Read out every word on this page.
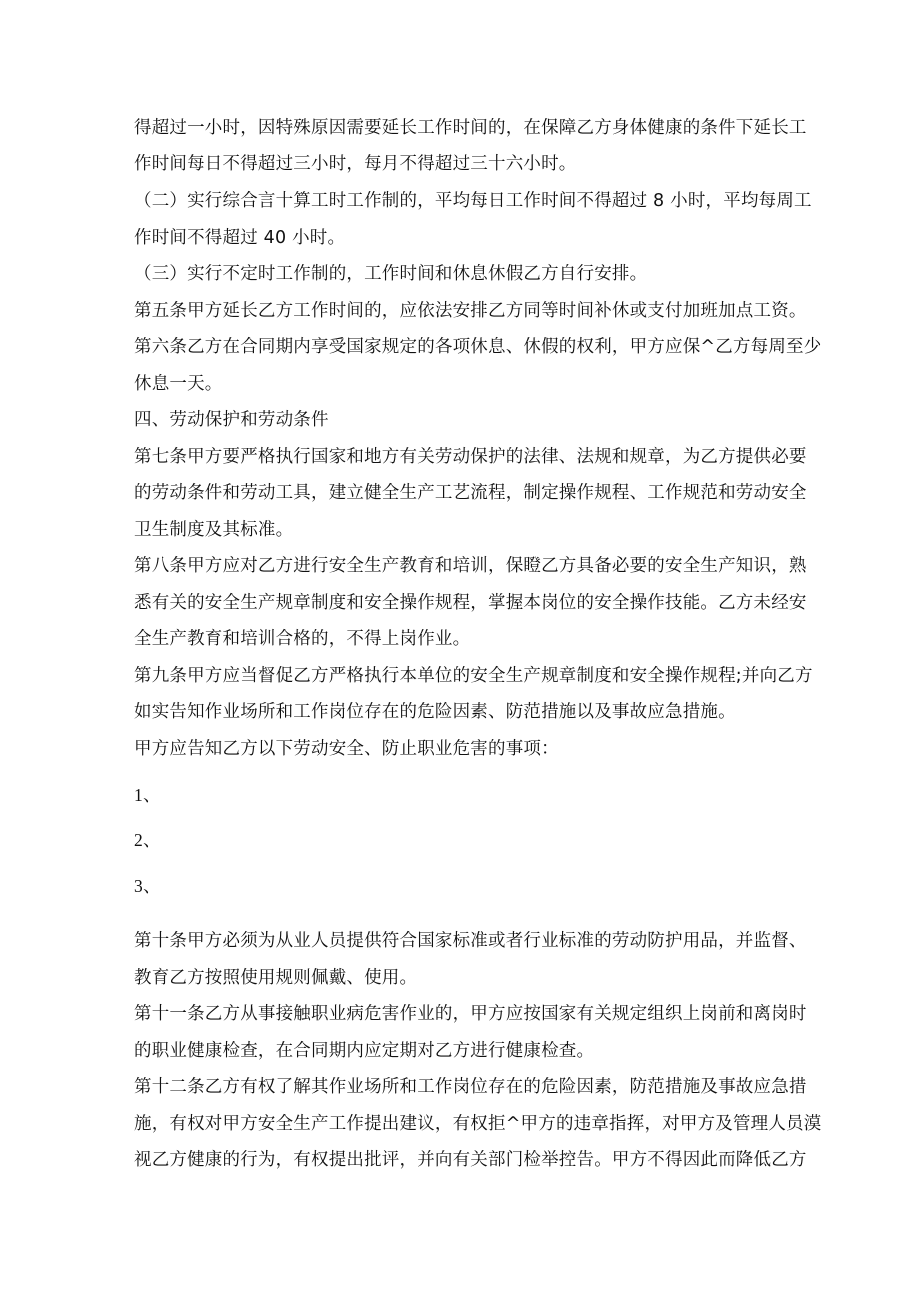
得超过一小时，因特殊原因需要延长工作时间的，在保障乙方身体健康的条件下延长工
作时间每日不得超过三小时，每月不得超过三十六小时。
（二）实行综合言十算工时工作制的，平均每日工作时间不得超过 8 小时，平均每周工
作时间不得超过 40 小时。
（三）实行不定时工作制的，工作时间和休息休假乙方自行安排。
第五条甲方延长乙方工作时间的，应依法安排乙方同等时间补休或支付加班加点工资。
第六条乙方在合同期内享受国家规定的各项休息、休假的权利，甲方应保^乙方每周至少
休息一天。
四、劳动保护和劳动条件
第七条甲方要严格执行国家和地方有关劳动保护的法律、法规和规章，为乙方提供必要
的劳动条件和劳动工具，建立健全生产工艺流程，制定操作规程、工作规范和劳动安全
卫生制度及其标准。
第八条甲方应对乙方进行安全生产教育和培训，保瞪乙方具备必要的安全生产知识，熟
悉有关的安全生产规章制度和安全操作规程，掌握本岗位的安全操作技能。乙方未经安
全生产教育和培训合格的，不得上岗作业。
第九条甲方应当督促乙方严格执行本单位的安全生产规章制度和安全操作规程;并向乙方
如实告知作业场所和工作岗位存在的危险因素、防范措施以及事故应急措施。
甲方应告知乙方以下劳动安全、防止职业危害的事项：
1、
2、
3、
第十条甲方必须为从业人员提供符合国家标准或者行业标准的劳动防护用品，并监督、
教育乙方按照使用规则佩戴、使用。
第十一条乙方从事接触职业病危害作业的，甲方应按国家有关规定组织上岗前和离岗时
的职业健康检查，在合同期内应定期对乙方进行健康检查。
第十二条乙方有权了解其作业场所和工作岗位存在的危险因素，防范措施及事故应急措
施，有权对甲方安全生产工作提出建议，有权拒^甲方的违章指挥，对甲方及管理人员漠
视乙方健康的行为，有权提出批评，并向有关部门检举控告。甲方不得因此而降低乙方
